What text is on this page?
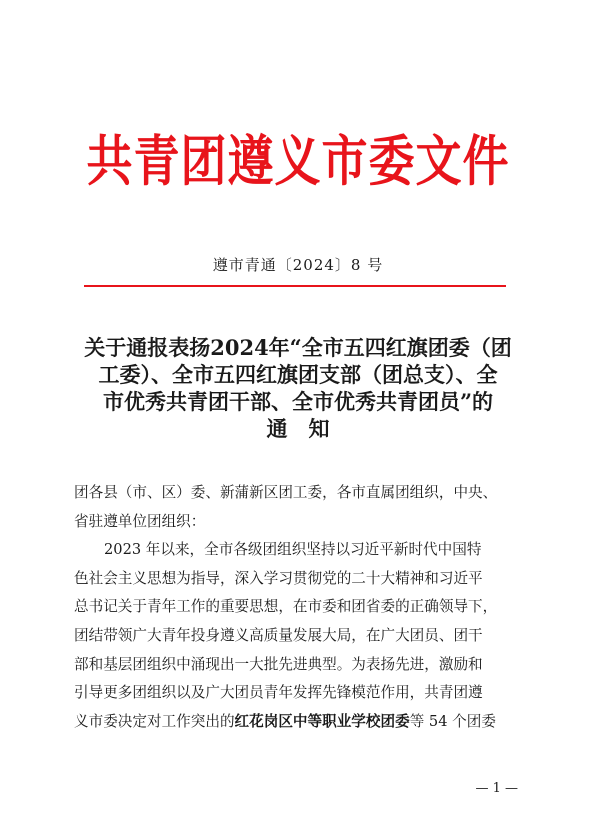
共青团遵义市委文件
遵市青通〔2024〕8 号
关于通报表扬2024年“全市五四红旗团委（团
工委）、全市五四红旗团支部（团总支）、全
市优秀共青团干部、全市优秀共青团员”的
通　知
团各县（市、区）委、新蒲新区团工委，各市直属团组织，中央、
省驻遵单位团组织：
2023 年以来，全市各级团组织坚持以习近平新时代中国特
色社会主义思想为指导，深入学习贯彻党的二十大精神和习近平
总书记关于青年工作的重要思想，在市委和团省委的正确领导下，
团结带领广大青年投身遵义高质量发展大局，在广大团员、团干
部和基层团组织中涌现出一大批先进典型。为表扬先进，激励和
引导更多团组织以及广大团员青年发挥先锋模范作用，共青团遵
义市委决定对工作突出的红花岗区中等职业学校团委等 54 个团委
— 1 —
